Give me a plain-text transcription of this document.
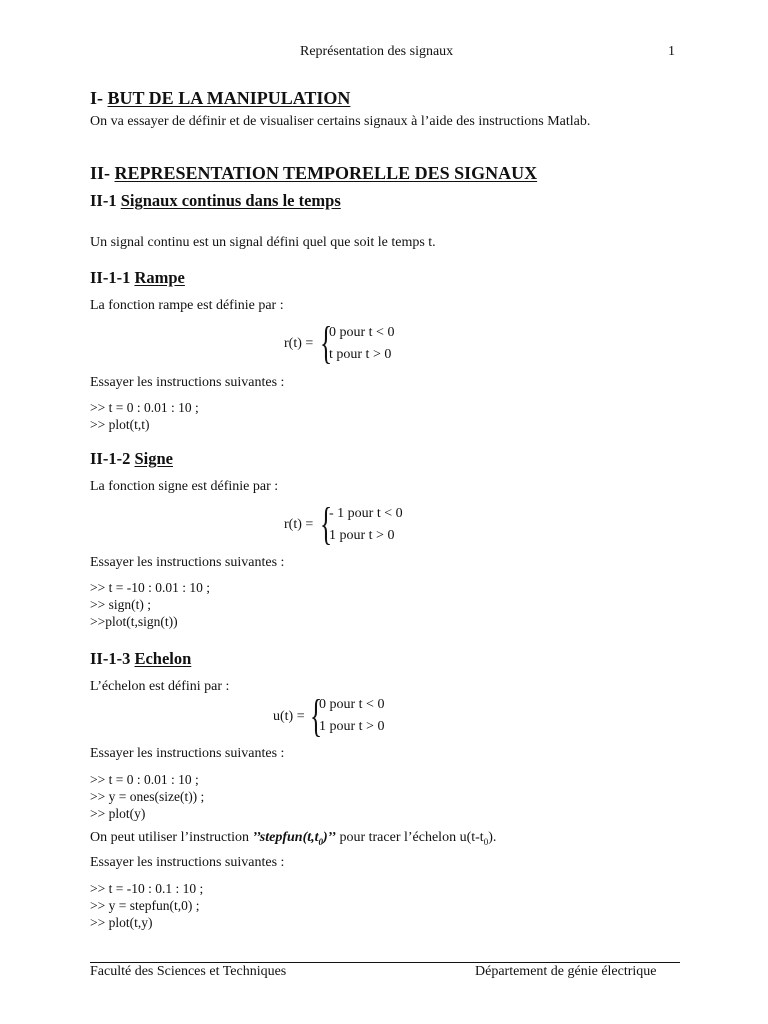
Représentation des signaux	1
I- BUT DE LA MANIPULATION
On va essayer de définir et de visualiser certains signaux à l’aide des instructions Matlab.
II- REPRESENTATION TEMPORELLE DES SIGNAUX
II-1 Signaux continus dans le temps
Un signal continu est un signal défini quel que soit le temps t.
II-1-1 Rampe
La fonction rampe est définie par :
r(t) = {
0 pour t < 0
t pour t > 0
Essayer les instructions suivantes :
>> t = 0 : 0.01 : 10 ;
>> plot(t,t)
II-1-2 Signe
La fonction signe est définie par :
r(t) = {
- 1 pour t < 0
1 pour t > 0
Essayer les instructions suivantes :
>> t = -10 : 0.01 : 10 ;
>> sign(t) ;
>>plot(t,sign(t))
II-1-3 Echelon
L’échelon est défini par :
u(t) = {
0 pour t < 0
1 pour t > 0
Essayer les instructions suivantes :
>> t = 0 : 0.01 : 10 ;
>> y = ones(size(t)) ;
>> plot(y)
On peut utiliser l’instruction $’’stepfun(t,t_0)$’’ pour tracer l’échelon $u(t-t_0)$.
Essayer les instructions suivantes :
>> t = -10 : 0.1 : 10 ;
>> y = stepfun(t,0) ;
>> plot(t,y)
Faculté des Sciences et Techniques	Département de génie électrique
